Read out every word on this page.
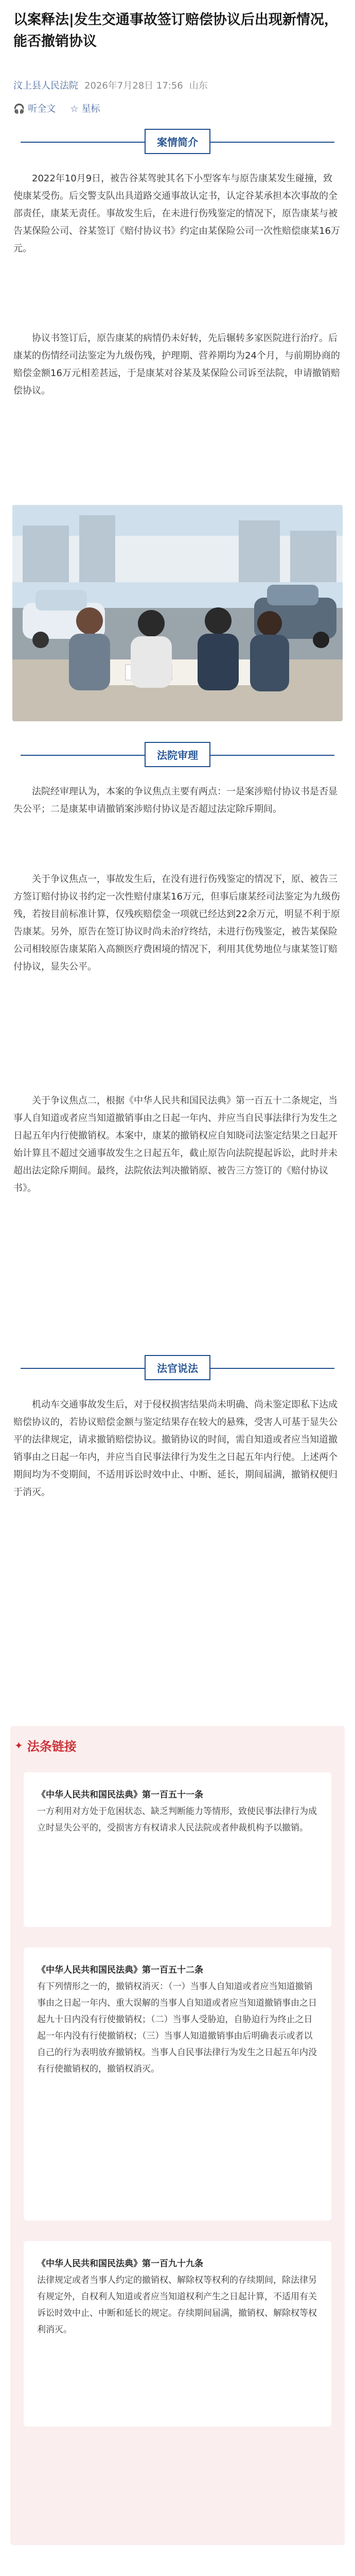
以案释法|发生交通事故签订赔偿协议后出现新情况，能否撤销协议
汶上县人民法院 2026年7月28日 17:56 山东
🎧 听全文 ☆ 星标
案情简介

2022年10月9日，被告谷某驾驶其名下小型客车与原告康某发生碰撞，致使康某受伤。后交警支队出具道路交通事故认定书，认定谷某承担本次事故的全部责任，康某无责任。事故发生后，在未进行伤残鉴定的情况下，原告康某与被告某保险公司、谷某签订《赔付协议书》约定由某保险公司一次性赔偿康某16万元。

协议书签订后，原告康某的病情仍未好转，先后辗转多家医院进行治疗。后康某的伤情经司法鉴定为九级伤残，护理期、营养期均为24个月，与前期协商的赔偿金额16万元相差甚远，于是康某对谷某及某保险公司诉至法院，申请撤销赔偿协议。

法院审理

法院经审理认为，本案的争议焦点主要有两点：一是案涉赔付协议书是否显失公平；二是康某申请撤销案涉赔付协议是否超过法定除斥期间。

关于争议焦点一，事故发生后，在没有进行伤残鉴定的情况下，原、被告三方签订赔付协议书约定一次性赔付康某16万元，但事后康某经司法鉴定为九级伤残，若按目前标准计算，仅残疾赔偿金一项就已经达到22余万元，明显不利于原告康某。另外，原告在签订协议时尚未治疗终结，未进行伤残鉴定，被告某保险公司相较原告康某陷入高额医疗费困境的情况下，利用其优势地位与康某签订赔付协议，显失公平。

关于争议焦点二，根据《中华人民共和国民法典》第一百五十二条规定，当事人自知道或者应当知道撤销事由之日起一年内、并应当自民事法律行为发生之日起五年内行使撤销权。本案中，康某的撤销权应自知晓司法鉴定结果之日起开始计算且不超过交通事故发生之日起五年，截止原告向法院提起诉讼，此时并未超出法定除斥期间。最终，法院依法判决撤销原、被告三方签订的《赔付协议书》。

法官说法

机动车交通事故发生后，对于侵权损害结果尚未明确、尚未鉴定即私下达成赔偿协议的，若协议赔偿金额与鉴定结果存在较大的悬殊，受害人可基于显失公平的法律规定，请求撤销赔偿协议。撤销协议的时间，需自知道或者应当知道撤销事由之日起一年内，并应当自民事法律行为发生之日起五年内行使。上述两个期间均为不变期间，不适用诉讼时效中止、中断、延长，期间届满，撤销权便归于消灭。

✦ 法条链接
《中华人民共和国民法典》第一百五十一条
一方利用对方处于危困状态、缺乏判断能力等情形，致使民事法律行为成立时显失公平的，受损害方有权请求人民法院或者仲裁机构予以撤销。
《中华人民共和国民法典》第一百五十二条
有下列情形之一的，撤销权消灭：（一）当事人自知道或者应当知道撤销事由之日起一年内、重大误解的当事人自知道或者应当知道撤销事由之日起九十日内没有行使撤销权；（二）当事人受胁迫，自胁迫行为终止之日起一年内没有行使撤销权；（三）当事人知道撤销事由后明确表示或者以自己的行为表明放弃撤销权。当事人自民事法律行为发生之日起五年内没有行使撤销权的，撤销权消灭。
《中华人民共和国民法典》第一百九十九条
法律规定或者当事人约定的撤销权、解除权等权利的存续期间，除法律另有规定外，自权利人知道或者应当知道权利产生之日起计算，不适用有关诉讼时效中止、中断和延长的规定。存续期间届满，撤销权、解除权等权利消灭。
